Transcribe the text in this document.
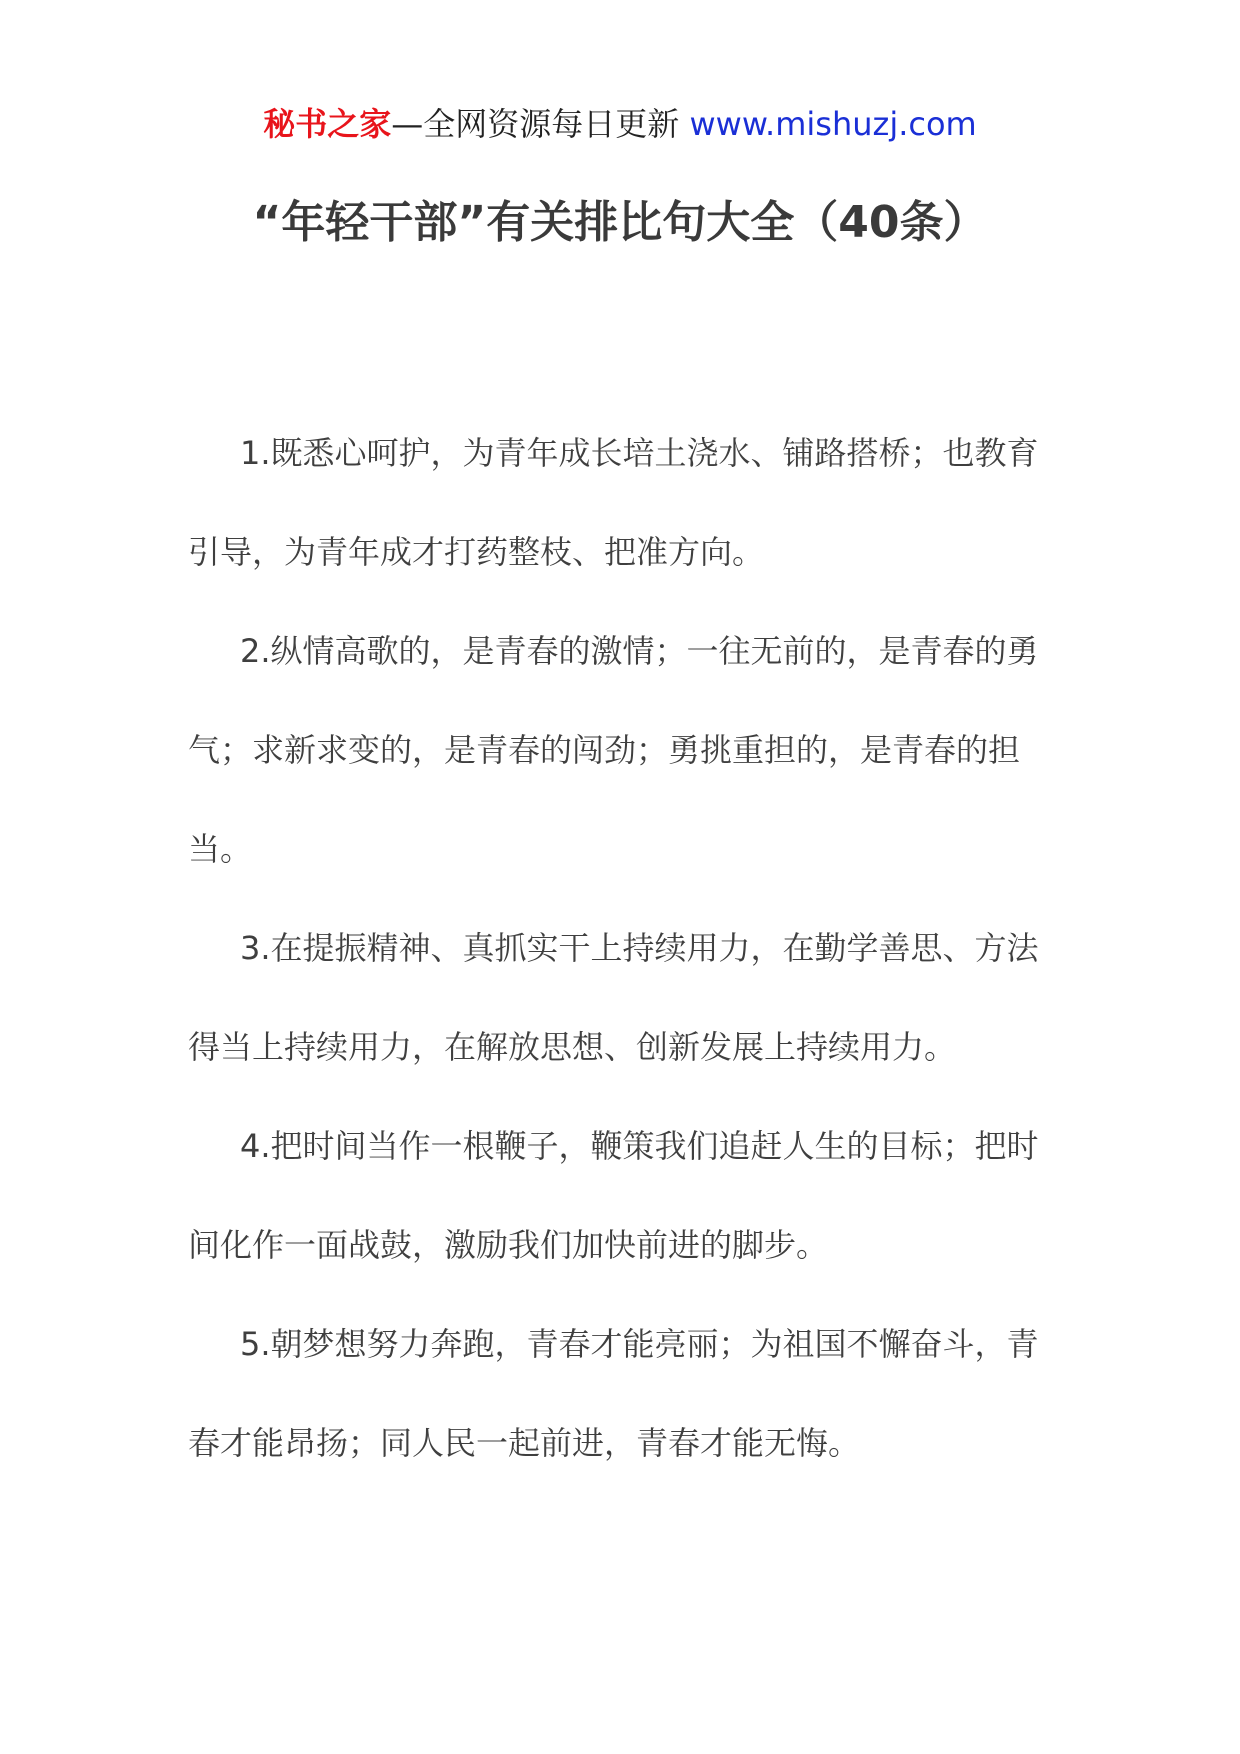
秘书之家—全网资源每日更新 www.mishuzj.com
“年轻干部”有关排比句大全（40条）

1.既悉心呵护，为青年成长培土浇水、铺路搭桥；也教育引导，为青年成才打药整枝、把准方向。

2.纵情高歌的，是青春的激情；一往无前的，是青春的勇气；求新求变的，是青春的闯劲；勇挑重担的，是青春的担当。

3.在提振精神、真抓实干上持续用力，在勤学善思、方法得当上持续用力，在解放思想、创新发展上持续用力。

4.把时间当作一根鞭子，鞭策我们追赶人生的目标；把时间化作一面战鼓，激励我们加快前进的脚步。

5.朝梦想努力奔跑，青春才能亮丽；为祖国不懈奋斗，青春才能昂扬；同人民一起前进，青春才能无悔。
